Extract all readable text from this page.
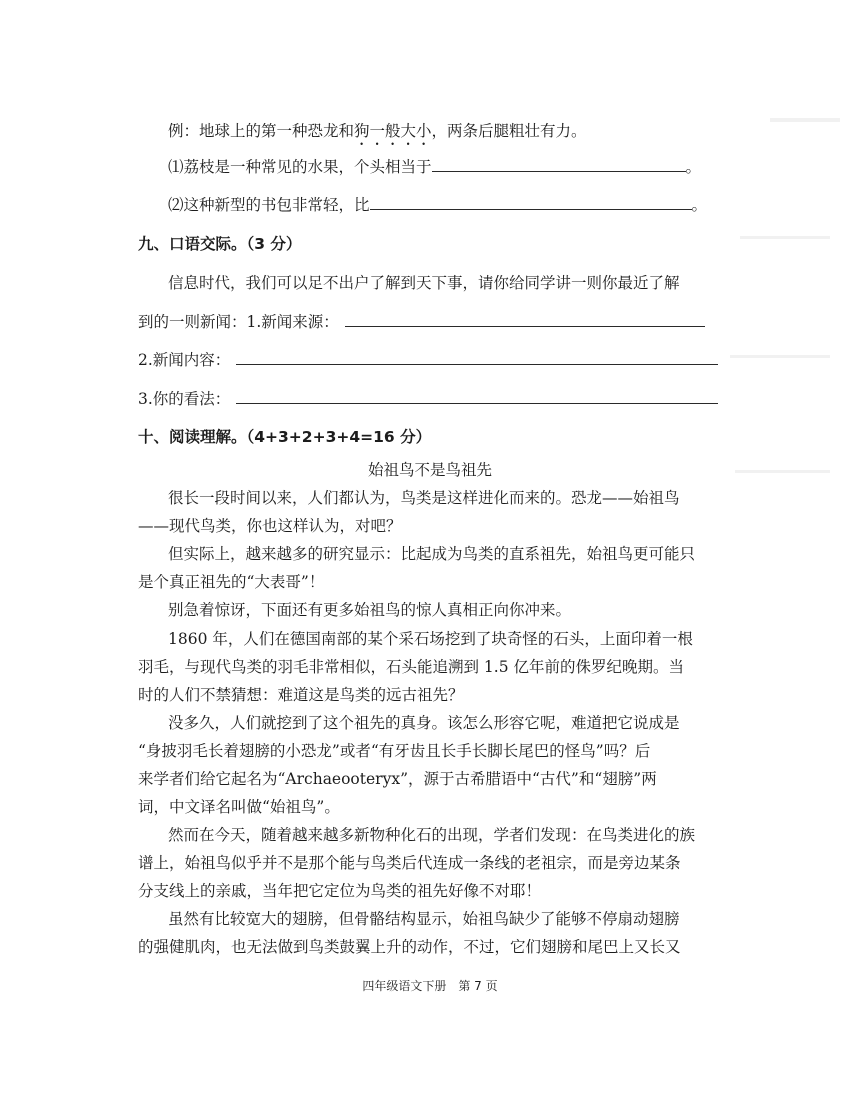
例：地球上的第一种恐龙和狗一般大小，两条后腿粗壮有力。
⑴荔枝是一种常见的水果，个头相当于	。
⑵这种新型的书包非常轻，比	。
九、口语交际。（3 分）
信息时代，我们可以足不出户了解到天下事，请你给同学讲一则你最近了解
到的一则新闻：1.新闻来源：
2.新闻内容：
3.你的看法：
十、阅读理解。（4+3+2+3+4=16 分）
始祖鸟不是鸟祖先
很长一段时间以来，人们都认为，鸟类是这样进化而来的。恐龙——始祖鸟
——现代鸟类，你也这样认为，对吧？
但实际上，越来越多的研究显示：比起成为鸟类的直系祖先，始祖鸟更可能只
是个真正祖先的“大表哥”！
别急着惊讶，下面还有更多始祖鸟的惊人真相正向你冲来。
1860 年，人们在德国南部的某个采石场挖到了块奇怪的石头，上面印着一根
羽毛，与现代鸟类的羽毛非常相似，石头能追溯到 1.5 亿年前的侏罗纪晚期。当
时的人们不禁猜想：难道这是鸟类的远古祖先？
没多久，人们就挖到了这个祖先的真身。该怎么形容它呢，难道把它说成是
“身披羽毛长着翅膀的小恐龙”或者“有牙齿且长手长脚长尾巴的怪鸟”吗？后
来学者们给它起名为“Archaeooteryx”，源于古希腊语中“古代”和“翅膀”两
词，中文译名叫做“始祖鸟”。
然而在今天，随着越来越多新物种化石的出现，学者们发现：在鸟类进化的族
谱上，始祖鸟似乎并不是那个能与鸟类后代连成一条线的老祖宗，而是旁边某条
分支线上的亲戚，当年把它定位为鸟类的祖先好像不对耶！
虽然有比较宽大的翅膀，但骨骼结构显示，始祖鸟缺少了能够不停扇动翅膀
的强健肌肉，也无法做到鸟类鼓翼上升的动作，不过，它们翅膀和尾巴上又长又
四年级语文下册　第 7 页
